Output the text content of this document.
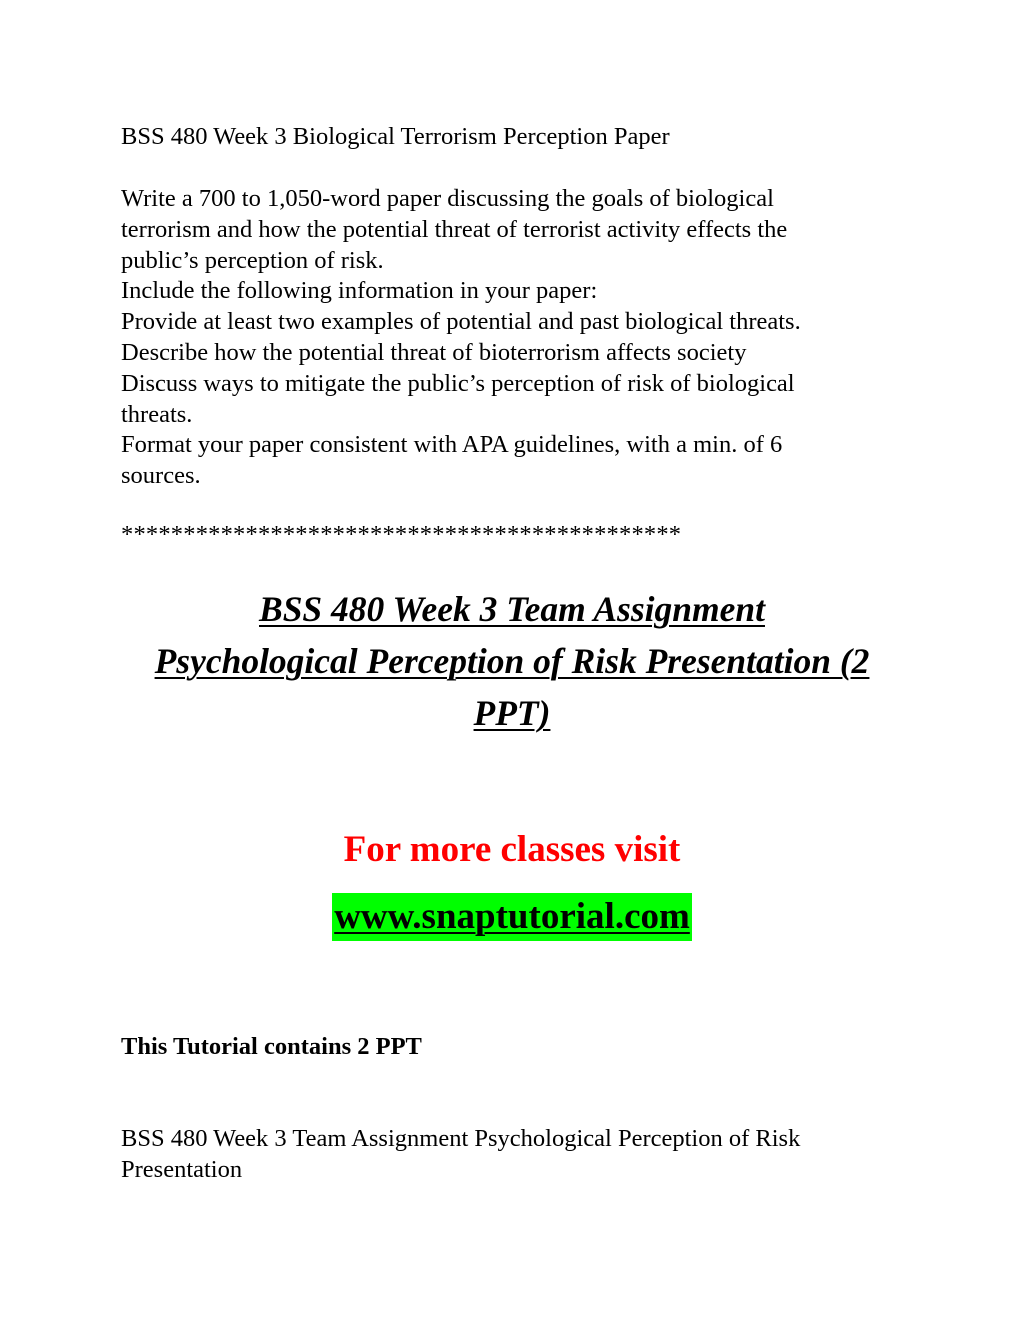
BSS 480 Week 3 Biological Terrorism Perception Paper

Write a 700 to 1,050-word paper discussing the goals of biological
terrorism and how the potential threat of terrorist activity effects the
public’s perception of risk.
Include the following information in your paper:
Provide at least two examples of potential and past biological threats.
Describe how the potential threat of bioterrorism affects society
Discuss ways to mitigate the public’s perception of risk of biological
threats.
Format your paper consistent with APA guidelines, with a min. of 6
sources.

*********************************************
BSS 480 Week 3 Team Assignment
Psychological Perception of Risk Presentation (2
PPT)
For more classes visit
www.snaptutorial.com
This Tutorial contains 2 PPT

BSS 480 Week 3 Team Assignment Psychological Perception of Risk
Presentation
